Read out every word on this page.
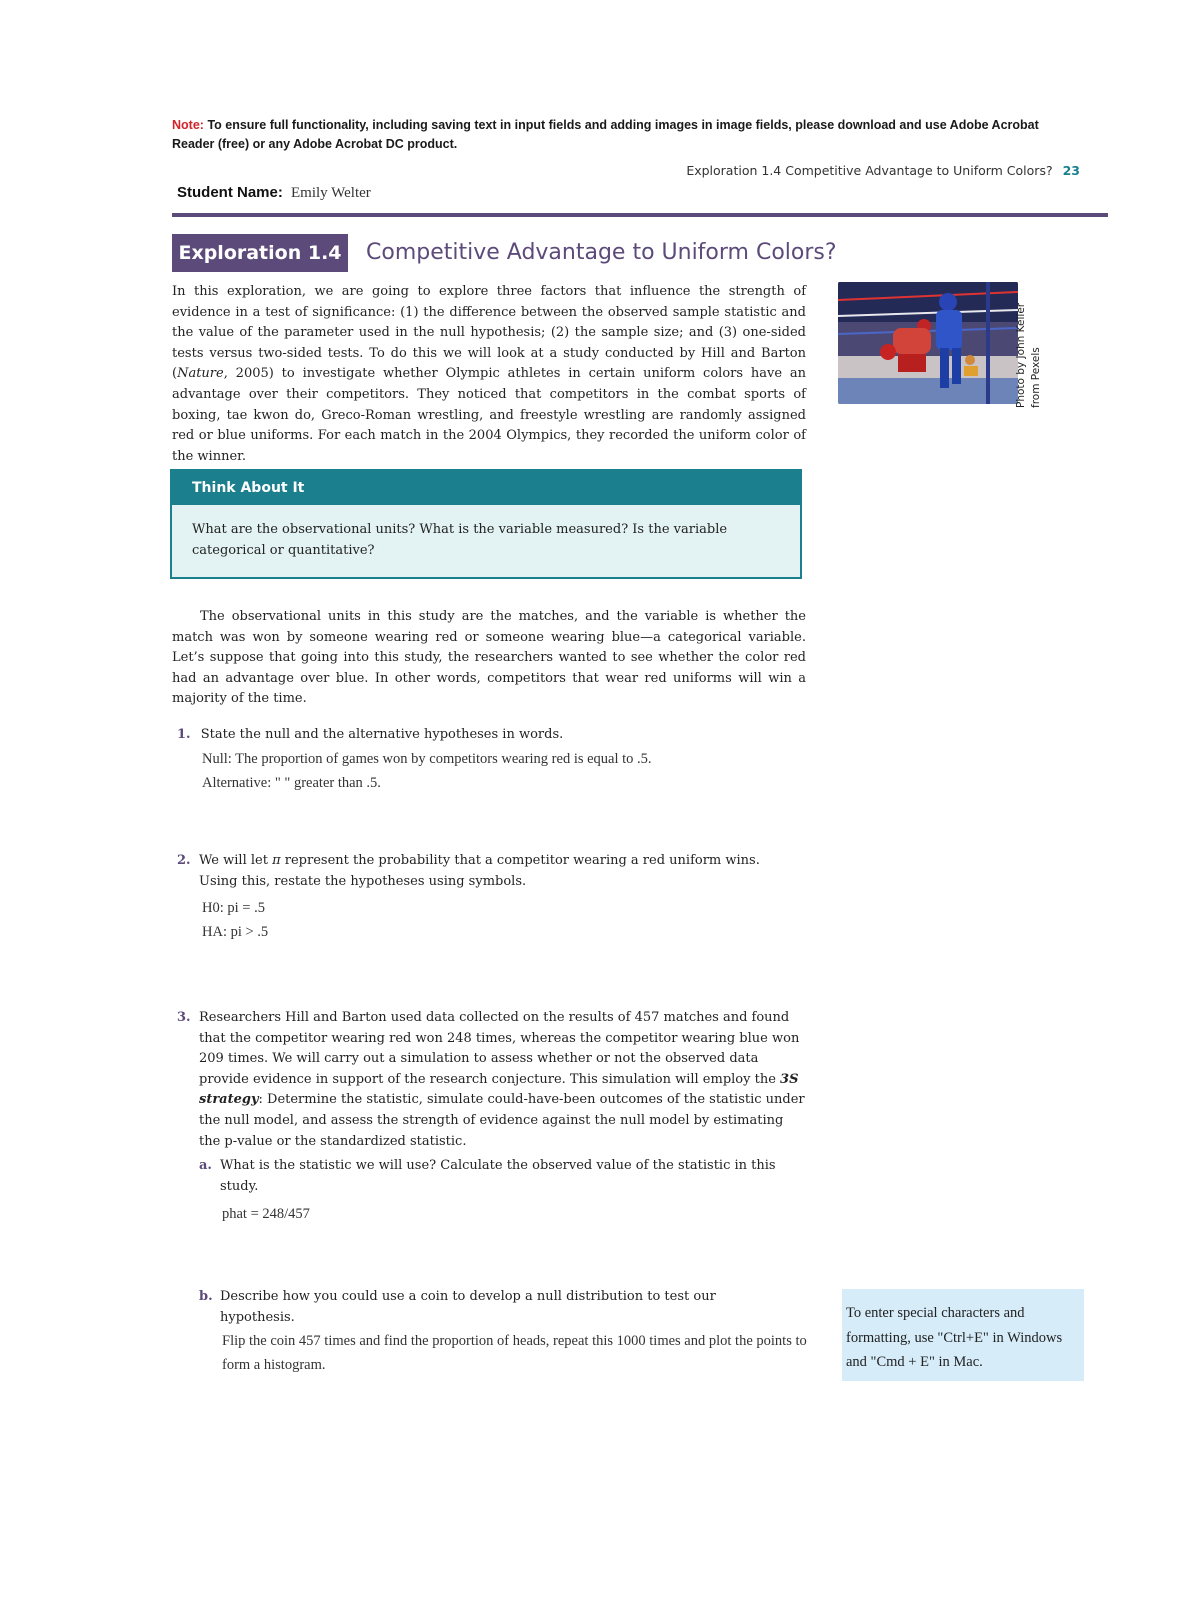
Note: To ensure full functionality, including saving text in input fields and adding images in image fields, please download and use Adobe Acrobat Reader (free) or any Adobe Acrobat DC product.
Exploration 1.4 Competitive Advantage to Uniform Colors? 23
Student Name: Emily Welter
Exploration 1.4 Competitive Advantage to Uniform Colors?
In this exploration, we are going to explore three factors that influence the strength of evidence in a test of significance: (1) the difference between the observed sample statistic and the value of the parameter used in the null hypothesis; (2) the sample size; and (3) one-sided tests versus two-sided tests. To do this we will look at a study conducted by Hill and Barton (Nature, 2005) to investigate whether Olympic athletes in certain uniform colors have an advantage over their competitors. They noticed that competitors in the combat sports of boxing, tae kwon do, Greco-Roman wrestling, and freestyle wrestling are randomly assigned red or blue uniforms. For each match in the 2004 Olympics, they recorded the uniform color of the winner.
Photo by John Keller from Pexels
Think About It
What are the observational units? What is the variable measured? Is the variable categorical or quantitative?
The observational units in this study are the matches, and the variable is whether the match was won by someone wearing red or someone wearing blue—a categorical variable. Let’s suppose that going into this study, the researchers wanted to see whether the color red had an advantage over blue. In other words, competitors that wear red uniforms will win a majority of the time.
1. State the null and the alternative hypotheses in words.
Null: The proportion of games won by competitors wearing red is equal to .5.
Alternative: " " greater than .5.
2. We will let π represent the probability that a competitor wearing a red uniform wins. Using this, restate the hypotheses using symbols.
H0: pi = .5
HA: pi > .5
3. Researchers Hill and Barton used data collected on the results of 457 matches and found that the competitor wearing red won 248 times, whereas the competitor wearing blue won 209 times. We will carry out a simulation to assess whether or not the observed data provide evidence in support of the research conjecture. This simulation will employ the 3S strategy: Determine the statistic, simulate could-have-been outcomes of the statistic under the null model, and assess the strength of evidence against the null model by estimating the p-value or the standardized statistic.
a. What is the statistic we will use? Calculate the observed value of the statistic in this study.
phat = 248/457
b. Describe how you could use a coin to develop a null distribution to test our hypothesis.
Flip the coin 457 times and find the proportion of heads, repeat this 1000 times and plot the points to form a histogram.
To enter special characters and formatting, use "Ctrl+E" in Windows and "Cmd + E" in Mac.
